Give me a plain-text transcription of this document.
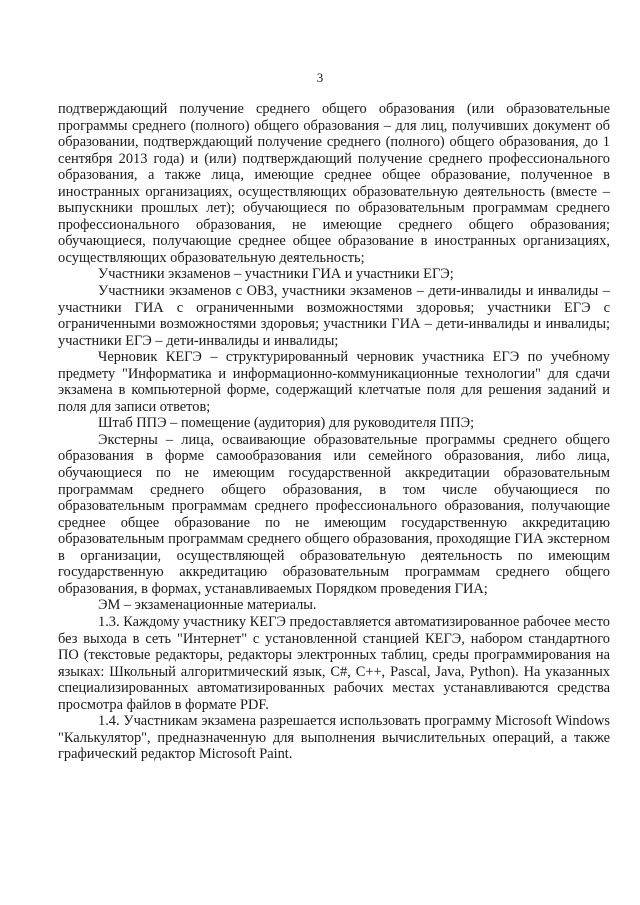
3

подтверждающий получение среднего общего образования (или образовательные программы среднего (полного) общего образования – для лиц, получивших документ об образовании, подтверждающий получение среднего (полного) общего образования, до 1 сентября 2013 года) и (или) подтверждающий получение среднего профессионального образования, а также лица, имеющие среднее общее образование, полученное в иностранных организациях, осуществляющих образовательную деятельность (вместе – выпускники прошлых лет); обучающиеся по образовательным программам среднего профессионального образования, не имеющие среднего общего образования; обучающиеся, получающие среднее общее образование в иностранных организациях, осуществляющих образовательную деятельность;

Участники экзаменов – участники ГИА и участники ЕГЭ;

Участники экзаменов с ОВЗ, участники экзаменов – дети-инвалиды и инвалиды – участники ГИА с ограниченными возможностями здоровья; участники ЕГЭ с ограниченными возможностями здоровья; участники ГИА – дети-инвалиды и инвалиды; участники ЕГЭ – дети-инвалиды и инвалиды;

Черновик КЕГЭ – структурированный черновик участника ЕГЭ по учебному предмету "Информатика и информационно-коммуникационные технологии" для сдачи экзамена в компьютерной форме, содержащий клетчатые поля для решения заданий и поля для записи ответов;

Штаб ППЭ – помещение (аудитория) для руководителя ППЭ;

Экстерны – лица, осваивающие образовательные программы среднего общего образования в форме самообразования или семейного образования, либо лица, обучающиеся по не имеющим государственной аккредитации образовательным программам среднего общего образования, в том числе обучающиеся по образовательным программам среднего профессионального образования, получающие среднее общее образование по не имеющим государственную аккредитацию образовательным программам среднего общего образования, проходящие ГИА экстерном в организации, осуществляющей образовательную деятельность по имеющим государственную аккредитацию образовательным программам среднего общего образования, в формах, устанавливаемых Порядком проведения ГИА;

ЭМ – экзаменационные материалы.

1.3. Каждому участнику КЕГЭ предоставляется автоматизированное рабочее место без выхода в сеть "Интернет" с установленной станцией КЕГЭ, набором стандартного ПО (текстовые редакторы, редакторы электронных таблиц, среды программирования на языках: Школьный алгоритмический язык, C#, C++, Pascal, Java, Python). На указанных специализированных автоматизированных рабочих местах устанавливаются средства просмотра файлов в формате PDF.

1.4. Участникам экзамена разрешается использовать программу Microsoft Windows "Калькулятор", предназначенную для выполнения вычислительных операций, а также графический редактор Microsoft Paint.
